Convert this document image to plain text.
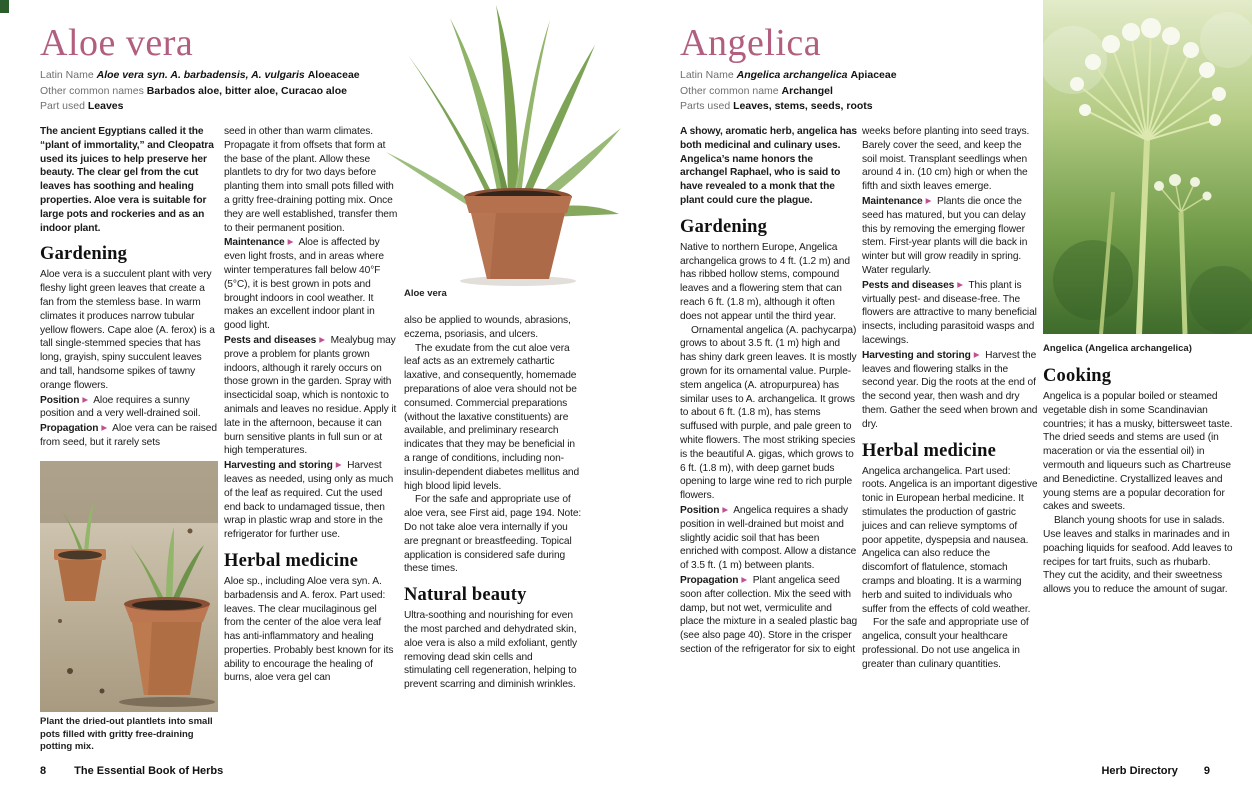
Aloe vera

Latin Name Aloe vera syn. A. barbadensis, A. vulgaris Aloeaceae

Other common names Barbados aloe, bitter aloe, Curacao aloe

Part used Leaves

The ancient Egyptians called it the “plant of immortality,” and Cleopatra used its juices to help preserve her beauty. The clear gel from the cut leaves has soothing and healing properties. Aloe vera is suitable for large pots and rockeries and as an indoor plant.

Gardening

Aloe vera is a succulent plant with very fleshy light green leaves that create a fan from the stemless base. In warm climates it produces narrow tubular yellow flowers. Cape aloe (A. ferox) is a tall single-stemmed species that has long, grayish, spiny succulent leaves and tall, handsome spikes of tawny orange flowers.

Position ▶ Aloe requires a sunny position and a very well-drained soil.

Propagation ▶ Aloe vera can be raised from seed, but it rarely sets

seed in other than warm climates. Propagate it from offsets that form at the base of the plant. Allow these plantlets to dry for two days before planting them into small pots filled with a gritty free-draining potting mix. Once they are well established, transfer them to their permanent position.

Maintenance ▶ Aloe is affected by even light frosts, and in areas where winter temperatures fall below 40°F (5°C), it is best grown in pots and brought indoors in cool weather. It makes an excellent indoor plant in good light.

Pests and diseases ▶ Mealybug may prove a problem for plants grown indoors, although it rarely occurs on those grown in the garden. Spray with insecticidal soap, which is nontoxic to animals and leaves no residue. Apply it late in the afternoon, because it can burn sensitive plants in full sun or at high temperatures.

Harvesting and storing ▶ Harvest leaves as needed, using only as much of the leaf as required. Cut the used end back to undamaged tissue, then wrap in plastic wrap and store in the refrigerator for further use.

Herbal medicine

Aloe sp., including Aloe vera syn. A. barbadensis and A. ferox. Part used: leaves. The clear mucilaginous gel from the center of the aloe vera leaf has anti-inflammatory and healing properties. Probably best known for its ability to encourage the healing of burns, aloe vera gel can

Aloe vera

also be applied to wounds, abrasions, eczema, psoriasis, and ulcers.

The exudate from the cut aloe vera leaf acts as an extremely cathartic laxative, and consequently, homemade preparations of aloe vera should not be consumed. Commercial preparations (without the laxative constituents) are available, and preliminary research indicates that they may be beneficial in a range of conditions, including non-insulin-dependent diabetes mellitus and high blood lipid levels.

For the safe and appropriate use of aloe vera, see First aid, page 194. Note: Do not take aloe vera internally if you are pregnant or breastfeeding. Topical application is considered safe during these times.

Natural beauty

Ultra-soothing and nourishing for even the most parched and dehydrated skin, aloe vera is also a mild exfoliant, gently removing dead skin cells and stimulating cell regeneration, helping to prevent scarring and diminish wrinkles.

Plant the dried-out plantlets into small pots filled with gritty free-draining potting mix.

Angelica

Latin Name Angelica archangelica Apiaceae

Other common name Archangel

Parts used Leaves, stems, seeds, roots

A showy, aromatic herb, angelica has both medicinal and culinary uses. Angelica’s name honors the archangel Raphael, who is said to have revealed to a monk that the plant could cure the plague.

Gardening

Native to northern Europe, Angelica archangelica grows to 4 ft. (1.2 m) and has ribbed hollow stems, compound leaves and a flowering stem that can reach 6 ft. (1.8 m), although it often does not appear until the third year.

Ornamental angelica (A. pachycarpa) grows to about 3.5 ft. (1 m) high and has shiny dark green leaves. It is mostly grown for its ornamental value. Purple-stem angelica (A. atropurpurea) has similar uses to A. archangelica. It grows to about 6 ft. (1.8 m), has stems suffused with purple, and pale green to white flowers. The most striking species is the beautiful A. gigas, which grows to 6 ft. (1.8 m), with deep garnet buds opening to large wine red to rich purple flowers.

Position ▶ Angelica requires a shady position in well-drained but moist and slightly acidic soil that has been enriched with compost. Allow a distance of 3.5 ft. (1 m) between plants.

Propagation ▶ Plant angelica seed soon after collection. Mix the seed with damp, but not wet, vermiculite and place the mixture in a sealed plastic bag (see also page 40). Store in the crisper section of the refrigerator for six to eight

weeks before planting into seed trays. Barely cover the seed, and keep the soil moist. Transplant seedlings when around 4 in. (10 cm) high or when the fifth and sixth leaves emerge.

Maintenance ▶ Plants die once the seed has matured, but you can delay this by removing the emerging flower stem. First-year plants will die back in winter but will grow readily in spring. Water regularly.

Pests and diseases ▶ This plant is virtually pest- and disease-free. The flowers are attractive to many beneficial insects, including parasitoid wasps and lacewings.

Harvesting and storing ▶ Harvest the leaves and flowering stalks in the second year. Dig the roots at the end of the second year, then wash and dry them. Gather the seed when brown and dry.

Herbal medicine

Angelica archangelica. Part used: roots. Angelica is an important digestive tonic in European herbal medicine. It stimulates the production of gastric juices and can relieve symptoms of poor appetite, dyspepsia and nausea. Angelica can also reduce the discomfort of flatulence, stomach cramps and bloating. It is a warming herb and suited to individuals who suffer from the effects of cold weather.

For the safe and appropriate use of angelica, consult your healthcare professional. Do not use angelica in greater than culinary quantities.

Angelica (Angelica archangelica)

Cooking

Angelica is a popular boiled or steamed vegetable dish in some Scandinavian countries; it has a musky, bittersweet taste. The dried seeds and stems are used (in maceration or via the essential oil) in vermouth and liqueurs such as Chartreuse and Benedictine. Crystallized leaves and young stems are a popular decoration for cakes and sweets.

Blanch young shoots for use in salads. Use leaves and stalks in marinades and in poaching liquids for seafood. Add leaves to recipes for tart fruits, such as rhubarb. They cut the acidity, and their sweetness allows you to reduce the amount of sugar.

8	The Essential Book of Herbs	Herb Directory 9
